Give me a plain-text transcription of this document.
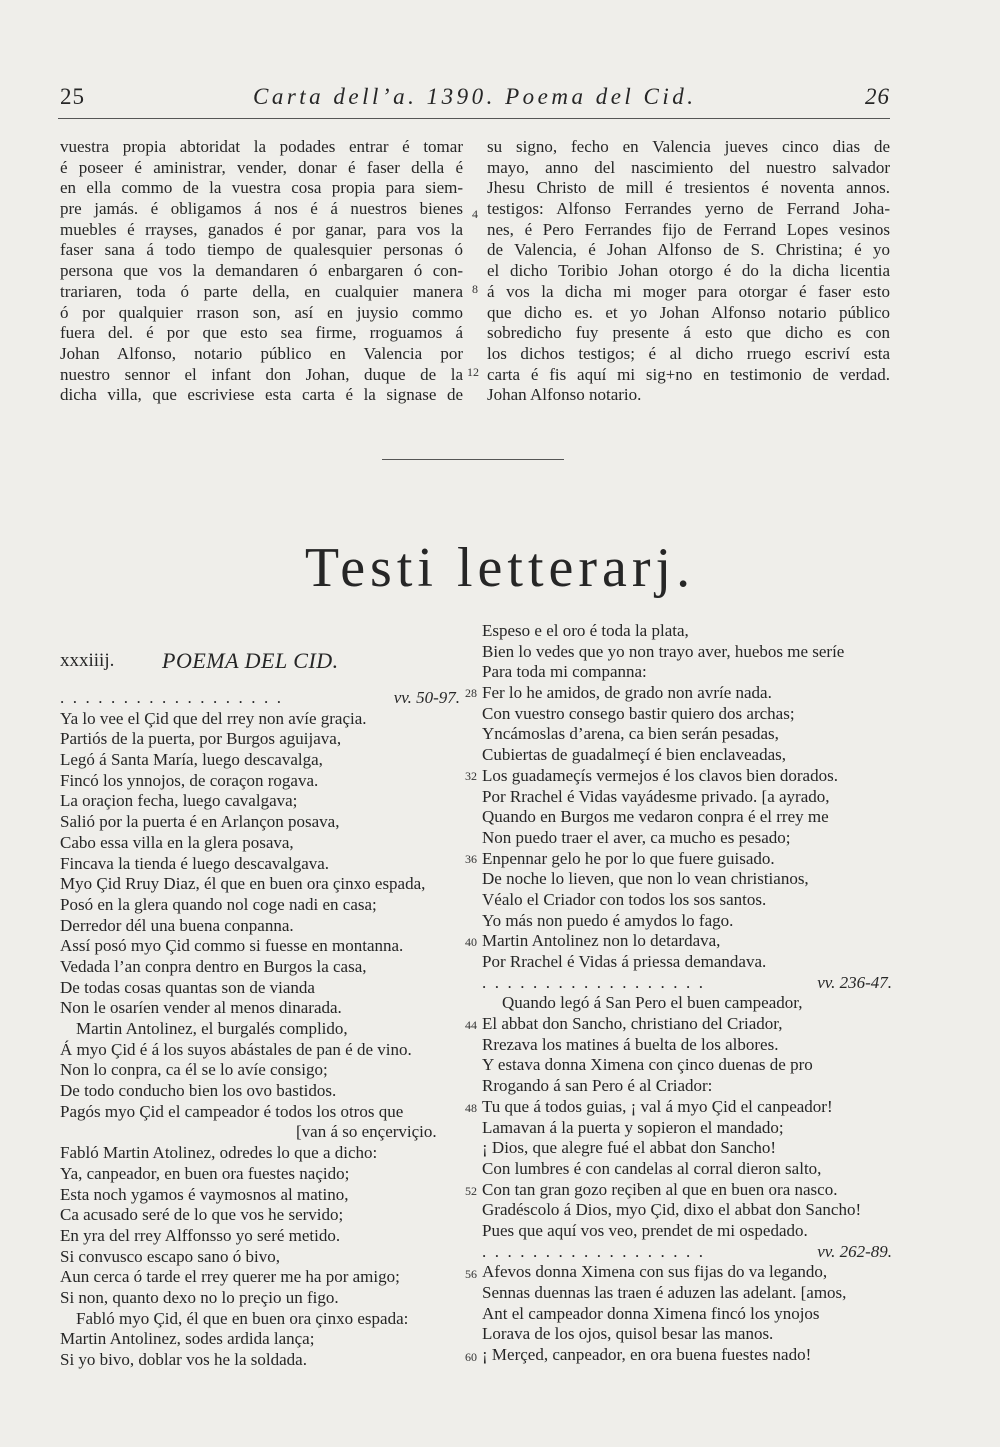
25	Carta dell’a. 1390. Poema del Cid.	26
vuestra propia abtoridat la podades entrar é tomar
é poseer é aministrar, vender, donar é faser della é
en ella commo de la vuestra cosa propia para siem-
pre jamás. é obligamos á nos é á nuestros bienes
muebles é rrayses, ganados é por ganar, para vos la
faser sana á todo tiempo de qualesquier personas ó
persona que vos la demandaren ó enbargaren ó con-
trariaren, toda ó parte della, en cualquier manera
ó por qualquier rrason son, así en juysio commo
fuera del. é por que esto sea firme, rroguamos á
Johan Alfonso, notario público en Valencia por
nuestro sennor el infant don Johan, duque de la
dicha villa, que escriviese esta carta é la signase de
su signo, fecho en Valencia jueves cinco dias de
mayo, anno del nascimiento del nuestro salvador
Jhesu Christo de mill é tresientos é noventa annos.
testigos: Alfonso Ferrandes yerno de Ferrand Joha-
nes, é Pero Ferrandes fijo de Ferrand Lopes vesinos
de Valencia, é Johan Alfonso de S. Christina; é yo
el dicho Toribio Johan otorgo é do la dicha licentia
á vos la dicha mi moger para otorgar é faser esto
que dicho es. et yo Johan Alfonso notario público
sobredicho fuy presente á esto que dicho es con
los dichos testigos; é al dicho rruego escriví esta
carta é fis aquí mi sig+no en testimonio de verdad.
Johan Alfonso notario.
4
8
12
Testi letterarj.
xxxiiij. POEMA DEL CID.
.  .  .  .  .  .  .  .  .  .  .  .  .  .  .  .  .  .	vv. 50-97.
Ya lo vee el Çid que del rrey non avíe graçia.
Partiós de la puerta, por Burgos aguijava,
Legó á Santa María, luego descavalga,
Fincó los ynnojos, de coraçon rogava.
La oraçion fecha, luego cavalgava;
Salió por la puerta é en Arlançon posava,
Cabo essa villa en la glera posava,
Fincava la tienda é luego descavalgava.
Myo Çid Rruy Diaz, él que en buen ora çinxo espada,
Posó en la glera quando nol coge nadi en casa;
Derredor dél una buena conpanna.
Assí posó myo Çid commo si fuesse en montanna.
Vedada l’an conpra dentro en Burgos la casa,
De todas cosas quantas son de vianda
Non le osaríen vender al menos dinarada.
Martin Antolinez, el burgalés complido,
Á myo Çid é á los suyos abástales de pan é de vino.
Non lo conpra, ca él se lo avíe consigo;
De todo conducho bien los ovo bastidos.
Pagós myo Çid el campeador é todos los otros que
[van á so ençerviçio.
Fabló Martin Atolinez, odredes lo que a dicho:
Ya, canpeador, en buen ora fuestes naçido;
Esta noch ygamos é vaymosnos al matino,
Ca acusado seré de lo que vos he servido;
En yra del rrey Alffonsso yo seré metido.
Si convusco escapo sano ó bivo,
Aun cerca ó tarde el rrey querer me ha por amigo;
Si non, quanto dexo no lo preçio un figo.
Fabló myo Çid, él que en buen ora çinxo espada:
Martin Antolinez, sodes ardida lança;
Si yo bivo, doblar vos he la soldada.
Espeso e el oro é toda la plata,
Bien lo vedes que yo non trayo aver, huebos me seríe
Para toda mi companna:
Fer lo he amidos, de grado non avríe nada.
Con vuestro consego bastir quiero dos archas;
Yncámoslas d’arena, ca bien serán pesadas,
Cubiertas de guadalmeçí é bien enclaveadas,
Los guadameçís vermejos é los clavos bien dorados.
Por Rrachel é Vidas vayádesme privado. [a ayrado,
Quando en Burgos me vedaron conpra é el rrey me
Non puedo traer el aver, ca mucho es pesado;
Enpennar gelo he por lo que fuere guisado.
De noche lo lieven, que non lo vean christianos,
Véalo el Criador con todos los sos santos.
Yo más non puedo é amydos lo fago.
Martin Antolinez non lo detardava,
Por Rrachel é Vidas á priessa demandava.
.  .  .  .  .  .  .  .  .  .  .  .  .  .  .  .  .  .	vv. 236-47.
Quando legó á San Pero el buen campeador,
El abbat don Sancho, christiano del Criador,
Rrezava los matines á buelta de los albores.
Y estava donna Ximena con çinco duenas de pro
Rrogando á san Pero é al Criador:
Tu que á todos guias, ¡ val á myo Çid el canpeador!
Lamavan á la puerta y sopieron el mandado;
¡ Dios, que alegre fué el abbat don Sancho!
Con lumbres é con candelas al corral dieron salto,
Con tan gran gozo reçiben al que en buen ora nasco.
Gradéscolo á Dios, myo Çid, dixo el abbat don Sancho!
Pues que aquí vos veo, prendet de mi ospedado.
.  .  .  .  .  .  .  .  .  .  .  .  .  .  .  .  .  .	vv. 262-89.
Afevos donna Ximena con sus fijas do va legando,
Sennas duennas las traen é aduzen las adelant. [amos,
Ant el campeador donna Ximena fincó los ynojos
Lorava de los ojos, quisol besar las manos.
¡ Merçed, canpeador, en ora buena fuestes nado!
28
32
36
40
44
48
52
56
60
